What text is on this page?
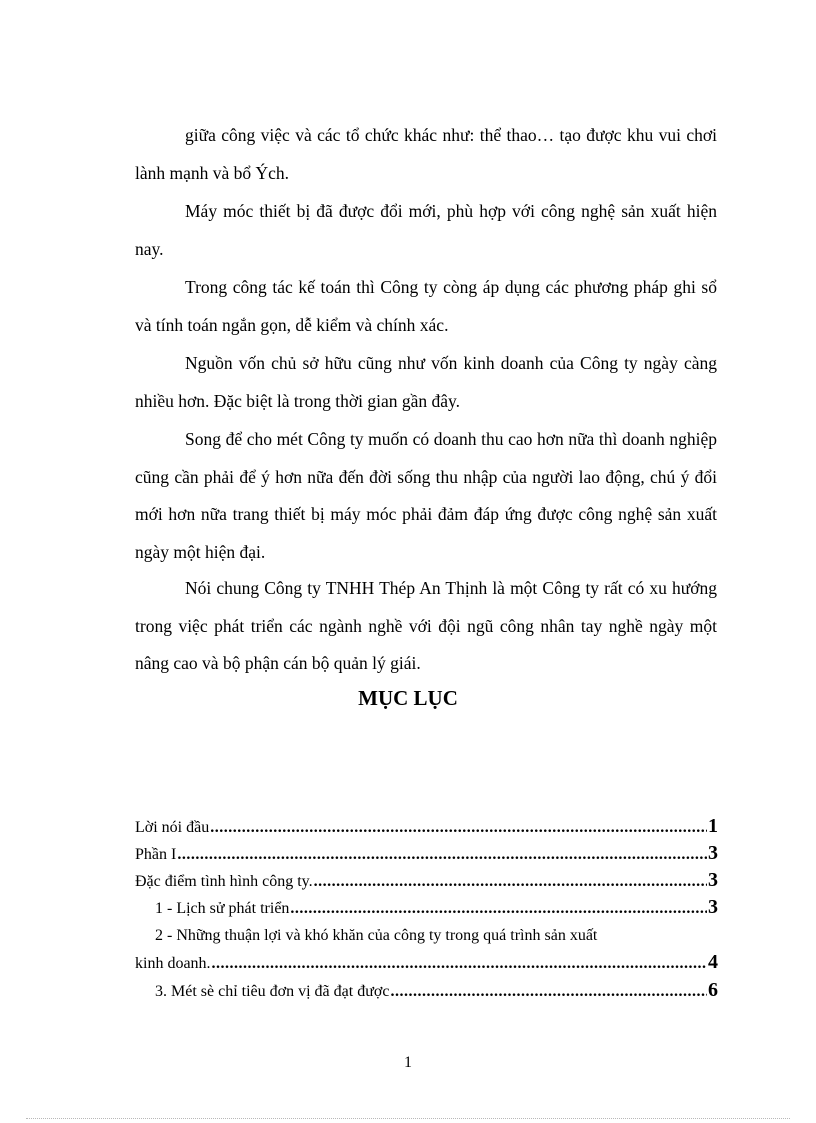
giữa công việc và các tổ chức khác như: thể thao… tạo được khu vui chơi lành mạnh và bổ Ých.

Máy móc thiết bị đã được đổi mới, phù hợp với công nghệ sản xuất hiện nay.

Trong công tác kế toán thì Công ty còng áp dụng các phương pháp ghi sổ và tính toán ngắn gọn, dễ kiểm và chính xác.

Nguồn vốn chủ sở hữu cũng như vốn kinh doanh của Công ty ngày càng nhiều hơn. Đặc biệt là trong thời gian gần đây.

Song để cho mét Công ty muốn có doanh thu cao hơn nữa thì doanh nghiệp cũng cần phải để ý hơn nữa đến đời sống thu nhập của người lao động, chú ý đổi mới hơn nữa trang thiết bị máy móc phải đảm đáp ứng được công nghệ sản xuất ngày một hiện đại.

Nói chung Công ty TNHH Thép An Thịnh là một Công ty rất có xu hướng trong việc phát triển các ngành nghề với đội ngũ công nhân tay nghề ngày một nâng cao và bộ phận cán bộ quản lý giái.

MỤC LỤC
Lời nói đầu .....	1
Phần I .....	3
Đặc điểm tình hình công ty. .....	3
1 - Lịch sử phát triển .....	3
2 - Những thuận lợi và khó khăn của công ty trong quá trình sản xuất
kinh doanh. .....	4
3. Mét sè chỉ tiêu đơn vị đã đạt được .....	6
1
